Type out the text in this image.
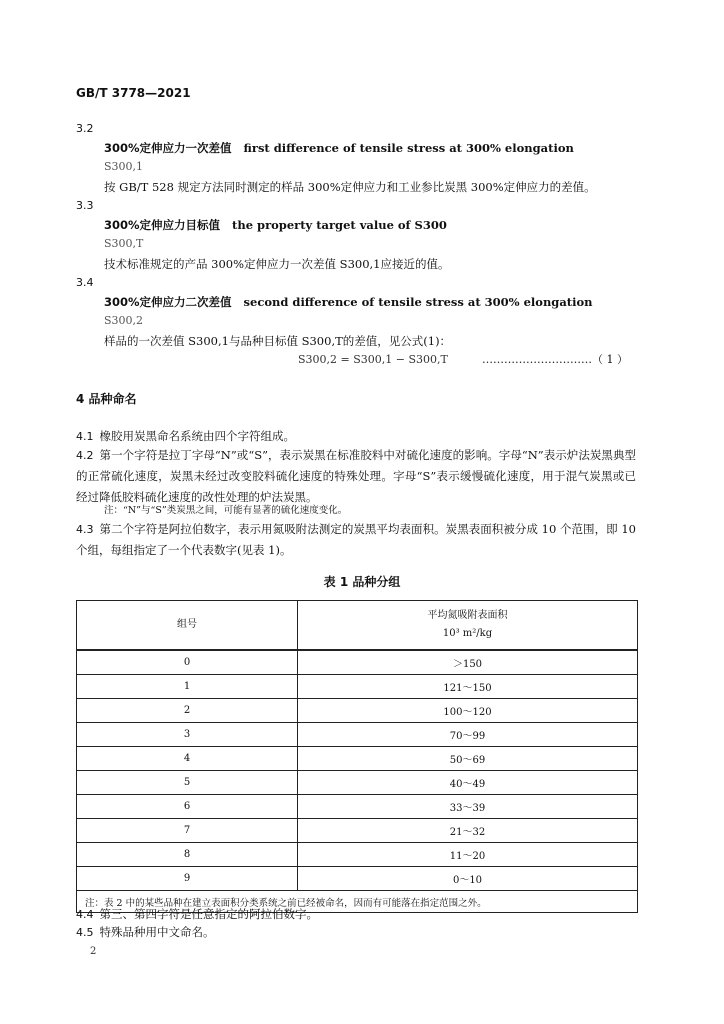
GB/T 3778—2021
3.2
300%定伸应力一次差值 first difference of tensile stress at 300% elongation
S300,1
按 GB/T 528 规定方法同时测定的样品 300%定伸应力和工业参比炭黑 300%定伸应力的差值。
3.3
300%定伸应力目标值 the property target value of S300
S300,T
技术标准规定的产品 300%定伸应力一次差值 S300,1应接近的值。
3.4
300%定伸应力二次差值 second difference of tensile stress at 300% elongation
S300,2
样品的一次差值 S300,1与品种目标值 S300,T的差值，见公式(1)：
S300,2 = S300,1 − S300,T	…………………………（ 1 ）
4 品种命名
4.1 橡胶用炭黑命名系统由四个字符组成。
4.2 第一个字符是拉丁字母“N”或“S”，表示炭黑在标准胶料中对硫化速度的影响。字母“N”表示炉法炭黑典型的正常硫化速度，炭黑未经过改变胶料硫化速度的特殊处理。字母“S”表示缓慢硫化速度，用于混气炭黑或已经过降低胶料硫化速度的改性处理的炉法炭黑。
注：“N”与“S”类炭黑之间，可能有显著的硫化速度变化。
4.3 第二个字符是阿拉伯数字，表示用氮吸附法测定的炭黑平均表面积。炭黑表面积被分成 10 个范围，即 10 个组，每组指定了一个代表数字(见表 1)。
表 1 品种分组
组号	平均氮吸附表面积
10³ m²/kg

0	＞150
1	121～150
2	100～120
3	70～99
4	50～69
5	40～49
6	33～39
7	21～32
8	11～20
9	0～10
注：表 2 中的某些品种在建立表面积分类系统之前已经被命名，因而有可能落在指定范围之外。	
4.4 第三、第四字符是任意指定的阿拉伯数字。
4.5 特殊品种用中文命名。
2
